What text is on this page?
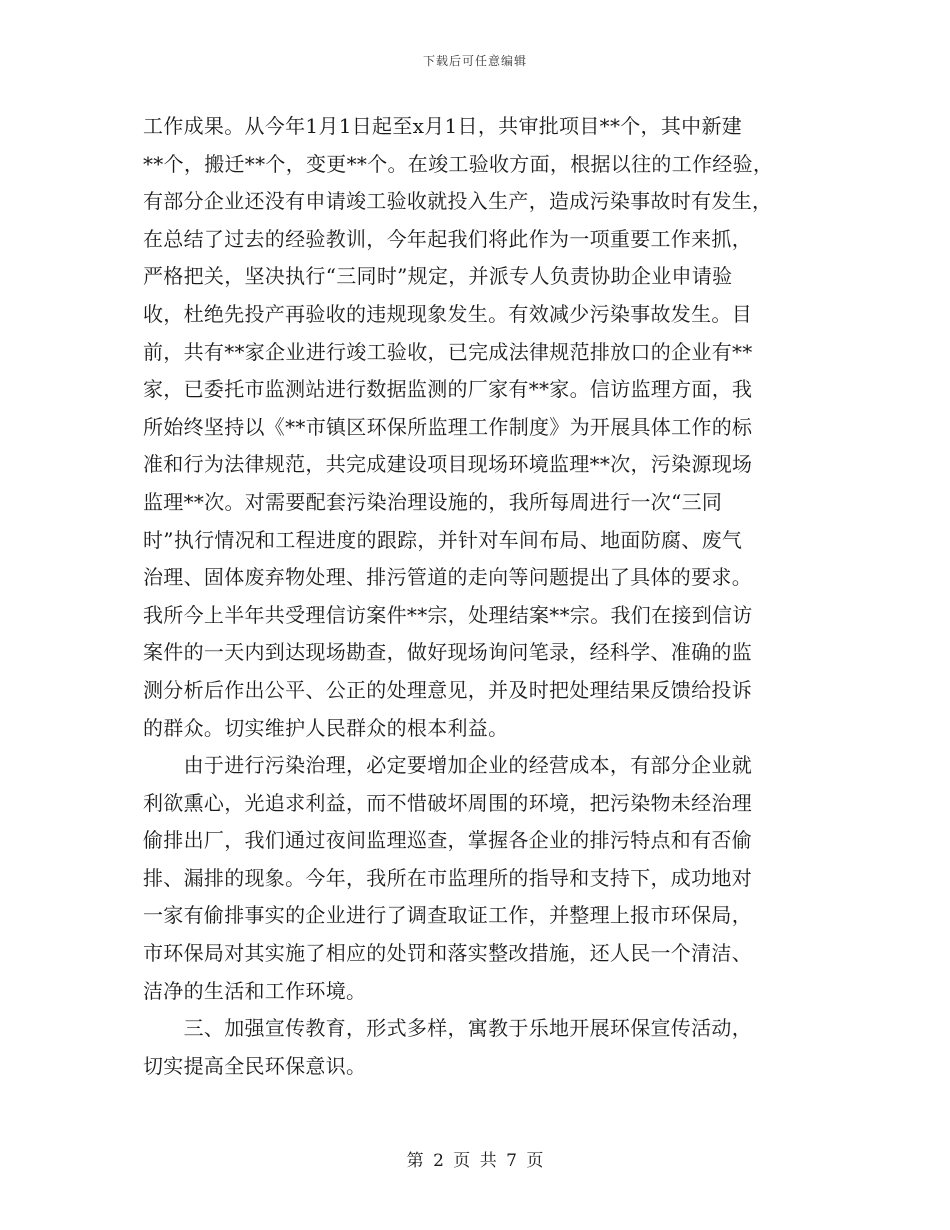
下载后可任意编辑
工作成果。从今年1月1日起至x月1日，共审批项目**个，其中新建
**个，搬迁**个，变更**个。在竣工验收方面，根据以往的工作经验，
有部分企业还没有申请竣工验收就投入生产，造成污染事故时有发生，
在总结了过去的经验教训，今年起我们将此作为一项重要工作来抓，
严格把关，坚决执行“三同时”规定，并派专人负责协助企业申请验
收，杜绝先投产再验收的违规现象发生。有效减少污染事故发生。目
前，共有**家企业进行竣工验收，已完成法律规范排放口的企业有**
家，已委托市监测站进行数据监测的厂家有**家。信访监理方面，我
所始终坚持以《**市镇区环保所监理工作制度》为开展具体工作的标
准和行为法律规范，共完成建设项目现场环境监理**次，污染源现场
监理**次。对需要配套污染治理设施的，我所每周进行一次“三同
时”执行情况和工程进度的跟踪，并针对车间布局、地面防腐、废气
治理、固体废弃物处理、排污管道的走向等问题提出了具体的要求。
我所今上半年共受理信访案件**宗，处理结案**宗。我们在接到信访
案件的一天内到达现场勘查，做好现场询问笔录，经科学、准确的监
测分析后作出公平、公正的处理意见，并及时把处理结果反馈给投诉
的群众。切实维护人民群众的根本利益。
　　由于进行污染治理，必定要增加企业的经营成本，有部分企业就
利欲熏心，光追求利益，而不惜破坏周围的环境，把污染物未经治理
偷排出厂，我们通过夜间监理巡查，掌握各企业的排污特点和有否偷
排、漏排的现象。今年，我所在市监理所的指导和支持下，成功地对
一家有偷排事实的企业进行了调查取证工作，并整理上报市环保局，
市环保局对其实施了相应的处罚和落实整改措施，还人民一个清洁、
洁净的生活和工作环境。
　　三、加强宣传教育，形式多样，寓教于乐地开展环保宣传活动，
切实提高全民环保意识。
第 2 页 共 7 页
